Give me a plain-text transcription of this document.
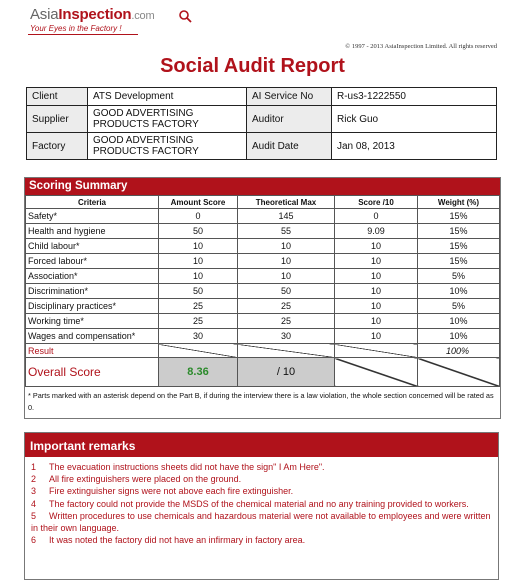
AsiaInspection.com
Your Eyes in the Factory !
© 1997 - 2013 AsiaInspection Limited. All rights reserved
Social Audit Report
Client	ATS Development	AI Service No	R-us3-1222550
Supplier	GOOD ADVERTISING PRODUCTS FACTORY	Auditor	Rick Guo
Factory	GOOD ADVERTISING PRODUCTS FACTORY	Audit Date	Jan 08, 2013
Scoring Summary
Criteria	Amount Score	Theoretical Max	Score /10	Weight (%)
Safety*	0	145	0	15%
Health and hygiene	50	55	9.09	15%
Child labour*	10	10	10	15%
Forced labour*	10	10	10	15%
Association*	10	10	10	5%
Discrimination*	50	50	10	10%
Disciplinary practices*	25	25	10	5%
Working time*	25	25	10	10%
Wages and compensation*	30	30	10	10%
Result				100%
Overall Score	8.36	/ 10		
* Parts marked with an asterisk depend on the Part B, if during the interview there is a law violation, the whole section concerned will be rated as 0.
Important remarks
1 The evacuation instructions sheets did not have the sign" I Am Here".
2 All fire extinguishers were placed on the ground.
3 Fire extinguisher signs were not above each fire extinguisher.
4 The factory could not provide the MSDS of the chemical material and no any training provided to workers.
5 Written procedures to use chemicals and hazardous material were not available to employees and were written in their own language.
6 It was noted the factory did not have an infirmary in factory area.
